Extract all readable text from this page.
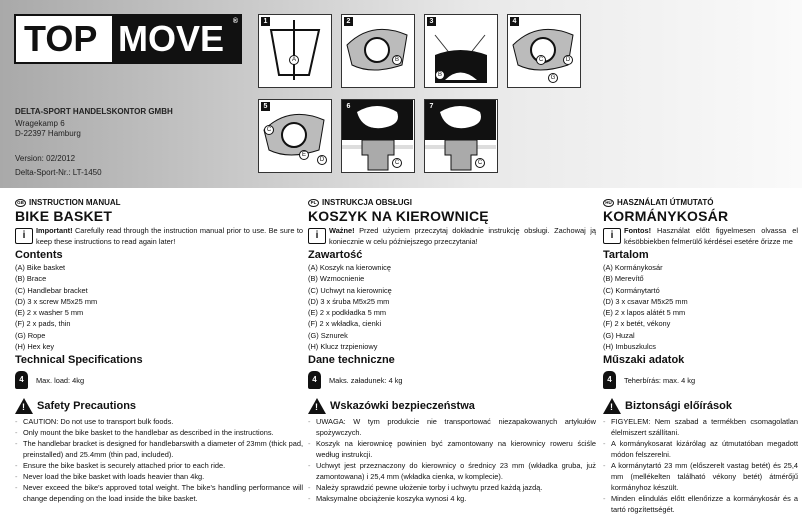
TOP MOVE ®
DELTA-SPORT HANDELSKONTOR GMBH
Wragekamp 6
D-22397 Hamburg
Version: 02/2012
Delta-Sport-Nr.: LT-1450
1
A
2
B
3
B
4
C	D
G
5
C
E
D
6
C
7
C
GB INSTRUCTION MANUAL
BIKE BASKET
i	Important! Carefully read through the instruction manual prior to use. Be sure to keep these instructions to read again later!

Contents
(A) Bike basket
(B) Brace
(C) Handlebar bracket
(D) 3 x screw M5x25 mm
(E) 2 x washer 5 mm
(F) 2 x pads, thin
(G) Rope
(H) Hex key
Technical Specifications
4	Max. load: 4kg
!
Safety Precautions
- CAUTION: Do not use to transport bulk foods.
- Only mount the bike basket to the handlebar as described in the instructions.
- The handlebar bracket is designed for handlebarswith a diameter of 23mm (thick pad, preinstalled) and 25.4mm (thin pad, included).
- Ensure the bike basket is securely attached prior to each ride.
- Never load the bike basket with loads heavier than 4kg.
- Never exceed the bike's approved total weight. The bike's handling performance will change depending on the load inside the bike basket.
PL INSTRUKCJA OBSŁUGI
KOSZYK NA KIEROWNICĘ
i	Ważne! Przed użyciem przeczytaj dokładnie instrukcję obsługi. Zachowaj ją koniecznie w celu późniejszego przeczytania!

Zawartość
(A) Koszyk na kierownicę
(B) Wzmocnienie
(C) Uchwyt na kierownicę
(D) 3 x śruba M5x25 mm
(E) 2 x podkładka 5 mm
(F) 2 x wkładka, cienki
(G) Sznurek
(H) Klucz trzpieniowy
Dane techniczne
4	Maks. załadunek: 4 kg
!
Wskazówki bezpieczeństwa
- UWAGA: W tym produkcie nie transportować niezapakowanych artykułów spożywczych.
- Koszyk na kierownicę powinien być zamontowany na kierownicy roweru ściśle według instrukcji.
- Uchwyt jest przeznaczony do kierownicy o średnicy 23 mm (wkładka gruba, już zamontowana) i 25,4 mm (wkładka cienka, w komplecie).
- Należy sprawdzić pewne ułożenie torby i uchwytu przed każdą jazdą.
- Maksymalne obciążenie koszyka wynosi 4 kg.
HU HASZNÁLATI ÚTMUTATÓ
KORMÁNYKOSÁR
i	Fontos! Használat előtt figyelmesen olvassa el késöbbiekben felmerülő kérdései esetére őrizze me

Tartalom
(A) Kormánykosár
(B) Merevítő
(C) Kormánytartó
(D) 3 x csavar M5x25 mm
(E) 2 x lapos alátét 5 mm
(F) 2 x betét, vékony
(G) Huzal
(H) Imbuszkulcs
Műszaki adatok
4	Teherbírás: max. 4 kg
!
Biztonsági előírások
- FIGYELEM: Nem szabad a termékben csomagolatlan élelmiszert szállítani.
- A kormánykosarat kizárólag az útmutatóban megadott módon felszerelni.
- A kormánytartó 23 mm (előszerelt vastag betét) és 25,4 mm (mellékelten található vékony betét) átmérőjű kormányhoz készült.
- Minden elindulás előtt ellenőrizze a kormánykosár és a tartó rögzítettségét.
